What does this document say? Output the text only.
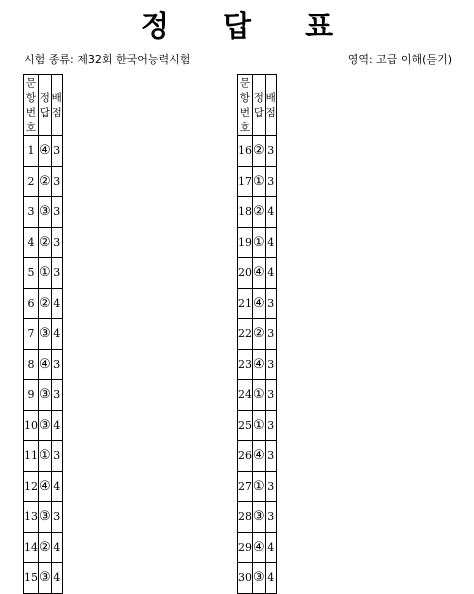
정 답 표
시험 종류: 제32회 한국어능력시험	영역: 고급 이해(듣기)
문항번호	정 답	배 점
1	④	3
2	②	3
3	③	3
4	②	3
5	①	3
6	②	4
7	③	4
8	④	3
9	③	3
10	③	4
11	①	3
12	④	4
13	③	3
14	②	4
15	③	4
문항번호	정 답	배 점
16	②	3
17	①	3
18	②	4
19	①	4
20	④	4
21	④	3
22	②	3
23	④	3
24	①	3
25	①	3
26	④	3
27	①	3
28	③	3
29	④	4
30	③	4
